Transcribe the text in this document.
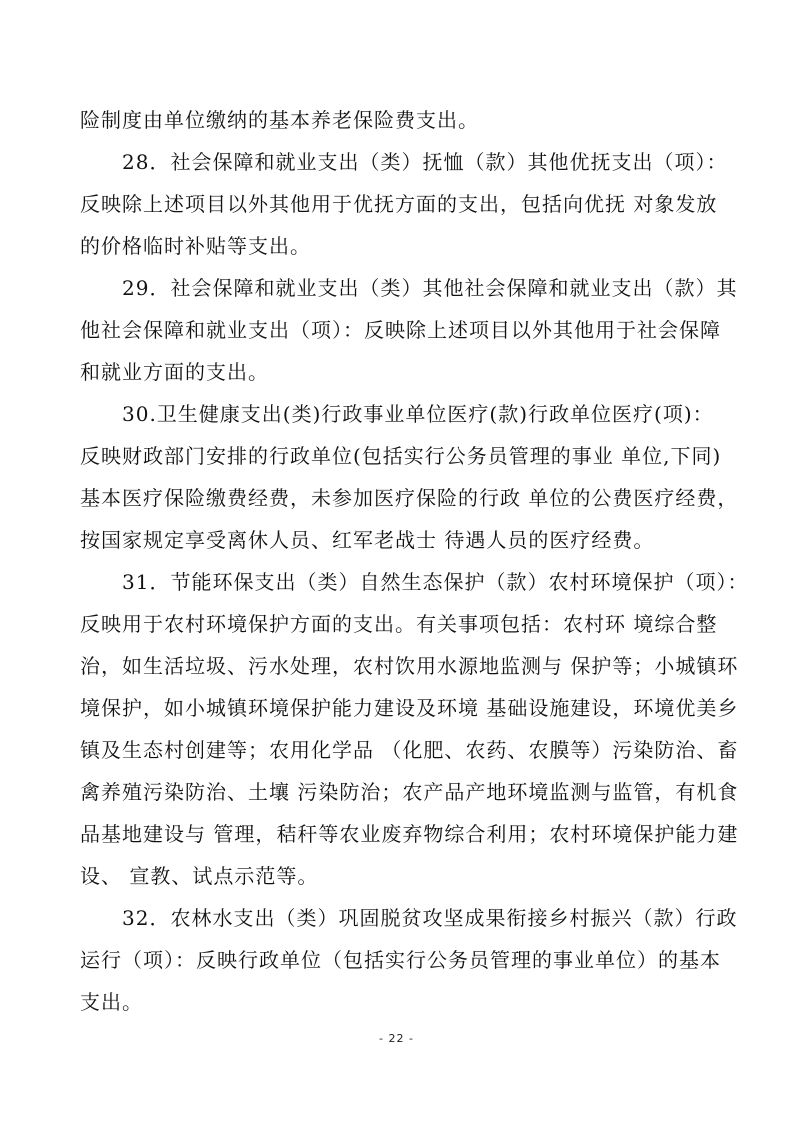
险制度由单位缴纳的基本养老保险费支出。
28．社会保障和就业支出（类）抚恤（款）其他优抚支出（项）：
反映除上述项目以外其他用于优抚方面的支出，包括向优抚 对象发放
的价格临时补贴等支出。
29．社会保障和就业支出（类）其他社会保障和就业支出（款）其
他社会保障和就业支出（项）：反映除上述项目以外其他用于社会保障
和就业方面的支出。
30.卫生健康支出(类)行政事业单位医疗(款)行政单位医疗(项)：
反映财政部门安排的行政单位(包括实行公务员管理的事业 单位,下同)
基本医疗保险缴费经费，未参加医疗保险的行政 单位的公费医疗经费，
按国家规定享受离休人员、红军老战士 待遇人员的医疗经费。
31．节能环保支出（类）自然生态保护（款）农村环境保护（项）：
反映用于农村环境保护方面的支出。有关事项包括：农村环 境综合整
治，如生活垃圾、污水处理，农村饮用水源地监测与 保护等；小城镇环
境保护，如小城镇环境保护能力建设及环境 基础设施建设，环境优美乡
镇及生态村创建等；农用化学品 （化肥、农药、农膜等）污染防治、畜
禽养殖污染防治、土壤 污染防治；农产品产地环境监测与监管，有机食
品基地建设与 管理，秸秆等农业废弃物综合利用；农村环境保护能力建
设、 宣教、试点示范等。
32．农林水支出（类）巩固脱贫攻坚成果衔接乡村振兴（款）行政
运行（项）：反映行政单位（包括实行公务员管理的事业单位）的基本
支出。
- 22 -
